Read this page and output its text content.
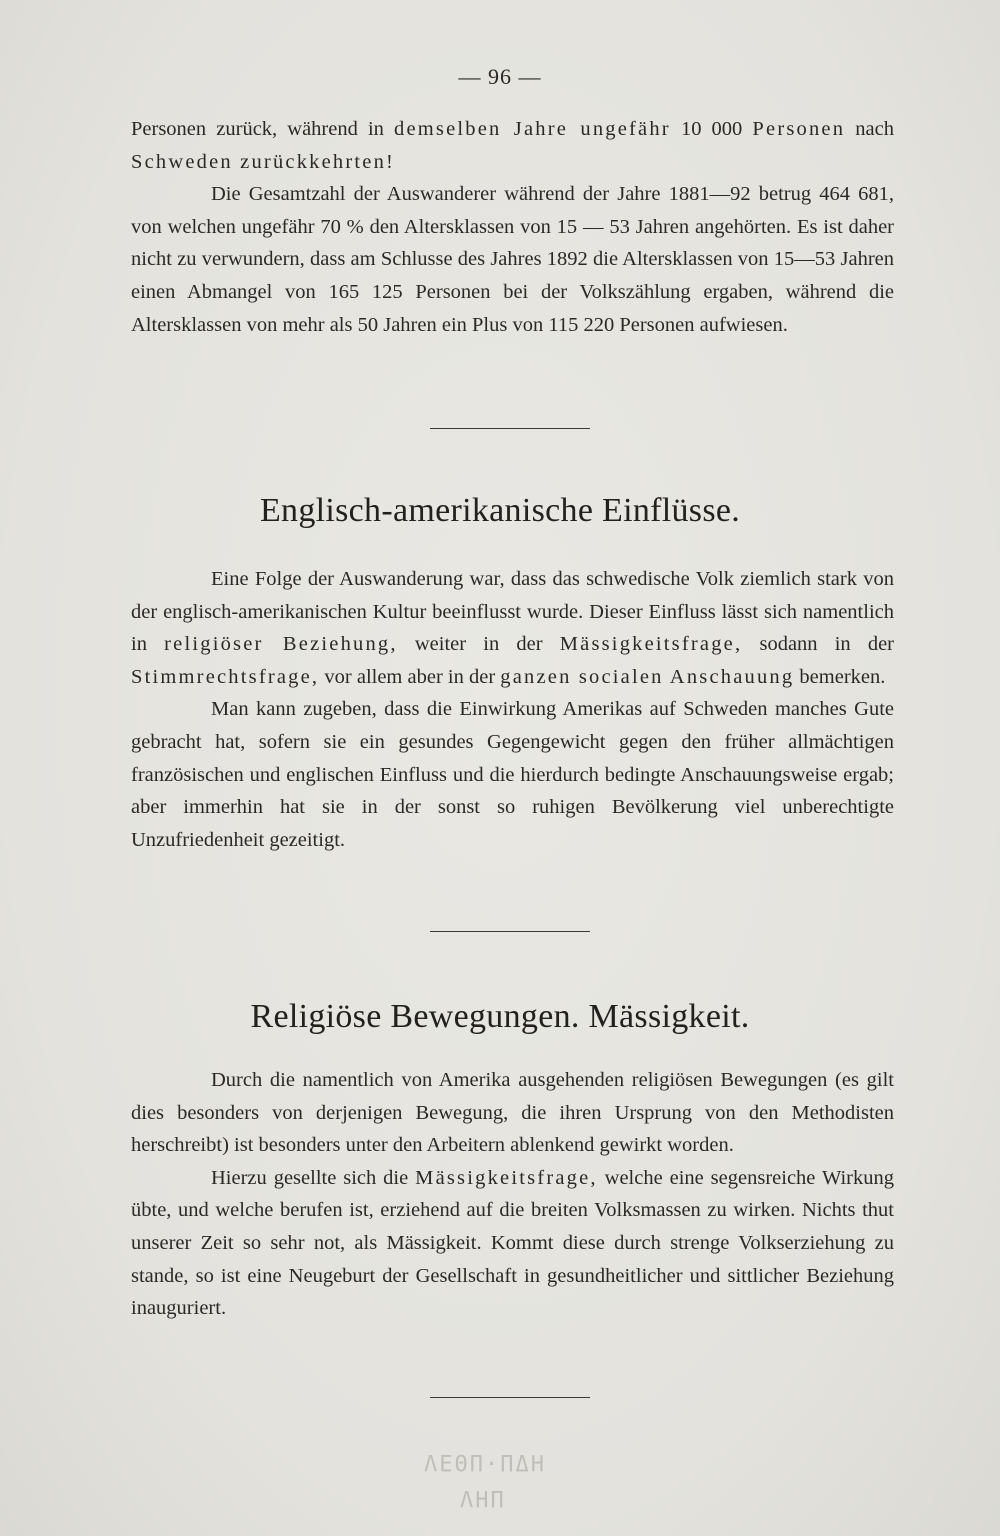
— 96 —

Personen zurück, während in demselben Jahre ungefähr 10 000 Personen nach Schweden zurückkehrten!

Die Gesamtzahl der Auswanderer während der Jahre 1881—92 betrug 464 681, von welchen ungefähr 70 % den Altersklassen von 15 — 53 Jahren angehörten. Es ist daher nicht zu verwundern, dass am Schlusse des Jahres 1892 die Altersklassen von 15—53 Jahren einen Abmangel von 165 125 Personen bei der Volkszählung ergaben, während die Altersklassen von mehr als 50 Jahren ein Plus von 115 220 Personen aufwiesen.

Englisch-amerikanische Einflüsse.

Eine Folge der Auswanderung war, dass das schwedische Volk ziemlich stark von der englisch-amerikanischen Kultur beeinflusst wurde. Dieser Einfluss lässt sich namentlich in religiöser Beziehung, weiter in der Mässigkeitsfrage, sodann in der Stimmrechtsfrage, vor allem aber in der ganzen socialen Anschauung bemerken.

Man kann zugeben, dass die Einwirkung Amerikas auf Schweden manches Gute gebracht hat, sofern sie ein gesundes Gegengewicht gegen den früher allmächtigen französischen und englischen Einfluss und die hierdurch bedingte Anschauungsweise ergab; aber immerhin hat sie in der sonst so ruhigen Bevölkerung viel unberechtigte Unzufriedenheit gezeitigt.

Religiöse Bewegungen. Mässigkeit.

Durch die namentlich von Amerika ausgehenden religiösen Bewegungen (es gilt dies besonders von derjenigen Bewegung, die ihren Ursprung von den Methodisten herschreibt) ist besonders unter den Arbeitern ablenkend gewirkt worden.

Hierzu gesellte sich die Mässigkeitsfrage, welche eine segensreiche Wirkung übte, und welche berufen ist, erziehend auf die breiten Volksmassen zu wirken. Nichts thut unserer Zeit so sehr not, als Mässigkeit. Kommt diese durch strenge Volkserziehung zu stande, so ist eine Neugeburt der Gesellschaft in gesundheitlicher und sittlicher Beziehung inauguriert.

ΛΕΘΠ·ΠΔΗ
ΛΗΠ
